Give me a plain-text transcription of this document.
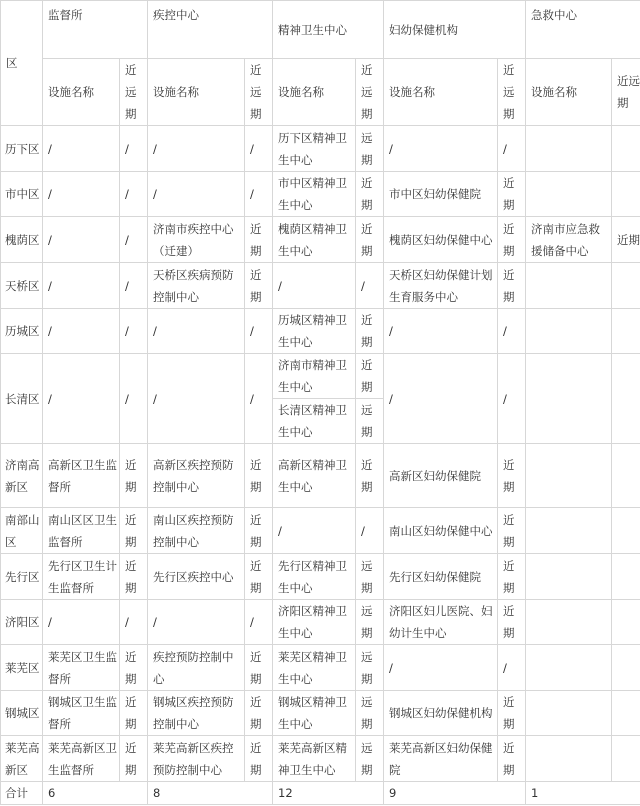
区	监督所		疾控中心		精神卫生中心		妇幼保健机构		急救中心	
	设施名称	近远期	设施名称	近远期	设施名称	近远期	设施名称	近远期	设施名称	近远期
历下区	/	/	/	/	历下区精神卫生中心	远期	/	/		
市中区	/	/	/	/	市中区精神卫生中心	近期	市中区妇幼保健院	近期		
槐荫区	/	/	济南市疾控中心（迁建）	近期	槐荫区精神卫生中心	近期	槐荫区妇幼保健中心	近期	济南市应急救援储备中心	近期
天桥区	/	/	天桥区疾病预防控制中心	近期	/	/	天桥区妇幼保健计划生育服务中心	近期		
历城区	/	/	/	/	历城区精神卫生中心	近期	/	/		
长清区	/	/	/	/	济南市精神卫生中心	近期	/	/		
					长清区精神卫生中心	远期				
济南高新区	高新区卫生监督所	近期	高新区疾控预防控制中心	近期	高新区精神卫生中心	近期	高新区妇幼保健院	近期		
南部山区	南山区区卫生监督所	近期	南山区疾控预防控制中心	近期	/	/	南山区妇幼保健中心	近期		
先行区	先行区卫生计生监督所	近期	先行区疾控中心	近期	先行区精神卫生中心	远期	先行区妇幼保健院	近期		
济阳区	/	/	/	/	济阳区精神卫生中心	远期	济阳区妇儿医院、妇幼计生中心	近期		
莱芜区	莱芜区卫生监督所	近期	疾控预防控制中心	近期	莱芜区精神卫生中心	远期	/	/		
钢城区	钢城区卫生监督所	近期	钢城区疾控预防控制中心	近期	钢城区精神卫生中心	远期	钢城区妇幼保健机构	近期		
莱芜高新区	莱芜高新区卫生监督所	近期	莱芜高新区疾控预防控制中心	近期	莱芜高新区精神卫生中心	远期	莱芜高新区妇幼保健院	近期		
合计	6		8		12		9		1	
